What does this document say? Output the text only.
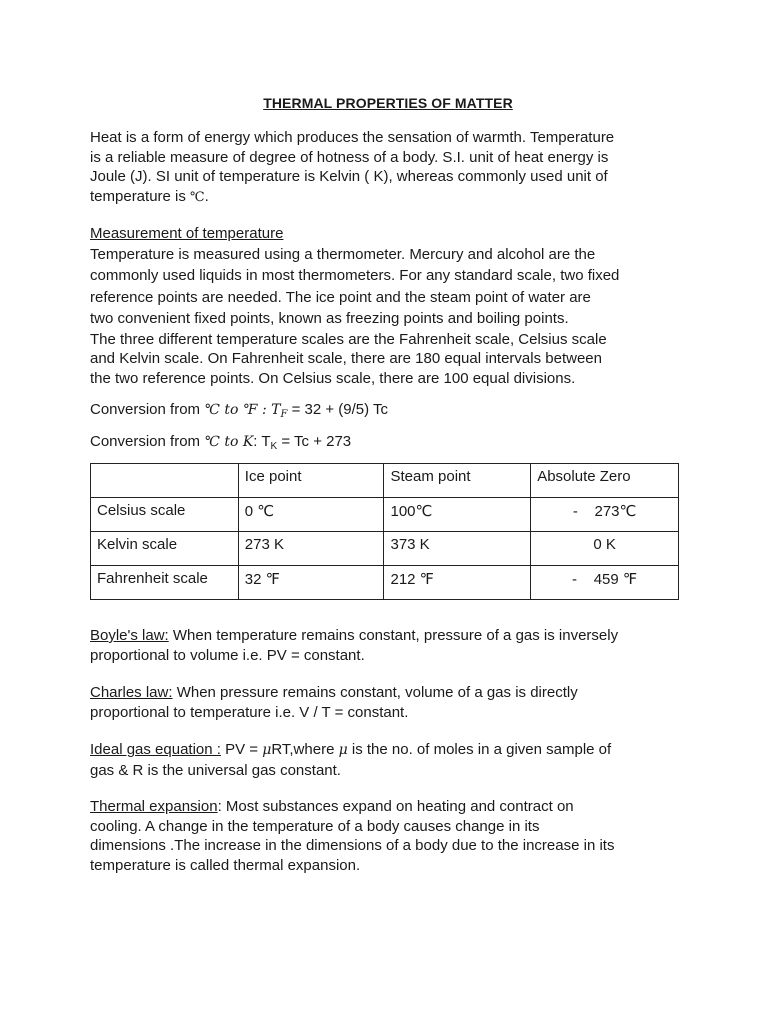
THERMAL PROPERTIES OF MATTER
Heat is a form of energy which produces the sensation of warmth. Temperature
is a reliable measure of degree of hotness of a body. S.I. unit of heat energy is
Joule (J). SI unit of temperature is Kelvin ( K), whereas commonly used unit of
temperature is ℃.
Measurement of temperature
Temperature is measured using a thermometer. Mercury and alcohol are the
commonly used liquids in most thermometers. For any standard scale, two fixed
reference points are needed. The ice point and the steam point of water are
two convenient fixed points, known as freezing points and boiling points.
The three different temperature scales are the Fahrenheit scale, Celsius scale
and Kelvin scale. On Fahrenheit scale, there are 180 equal intervals between
the two reference points. On Celsius scale, there are 100 equal divisions.
Conversion from ℃ to ℉ : $T_F = 32 + (9/5)$ Tc
Conversion from ℃ to K: $T_K = Tc + 273$

	Ice point	Steam point	Absolute Zero

Celsius scale	0 ℃	100℃	-    273℃

Kelvin scale	273 K	373 K	0 K

Fahrenheit scale	32 ℉	212 ℉	-    459 ℉
Boyle's law: When temperature remains constant, pressure of a gas is inversely
proportional to volume i.e. PV = constant.
Charles law: When pressure remains constant, volume of a gas is directly
proportional to temperature i.e. V / T = constant.
Ideal gas equation : PV = μRT,where μ is the no. of moles in a given sample of
gas & R is the universal gas constant.
Thermal expansion: Most substances expand on heating and contract on
cooling. A change in the temperature of a body causes change in its
dimensions .The increase in the dimensions of a body due to the increase in its
temperature is called thermal expansion.
